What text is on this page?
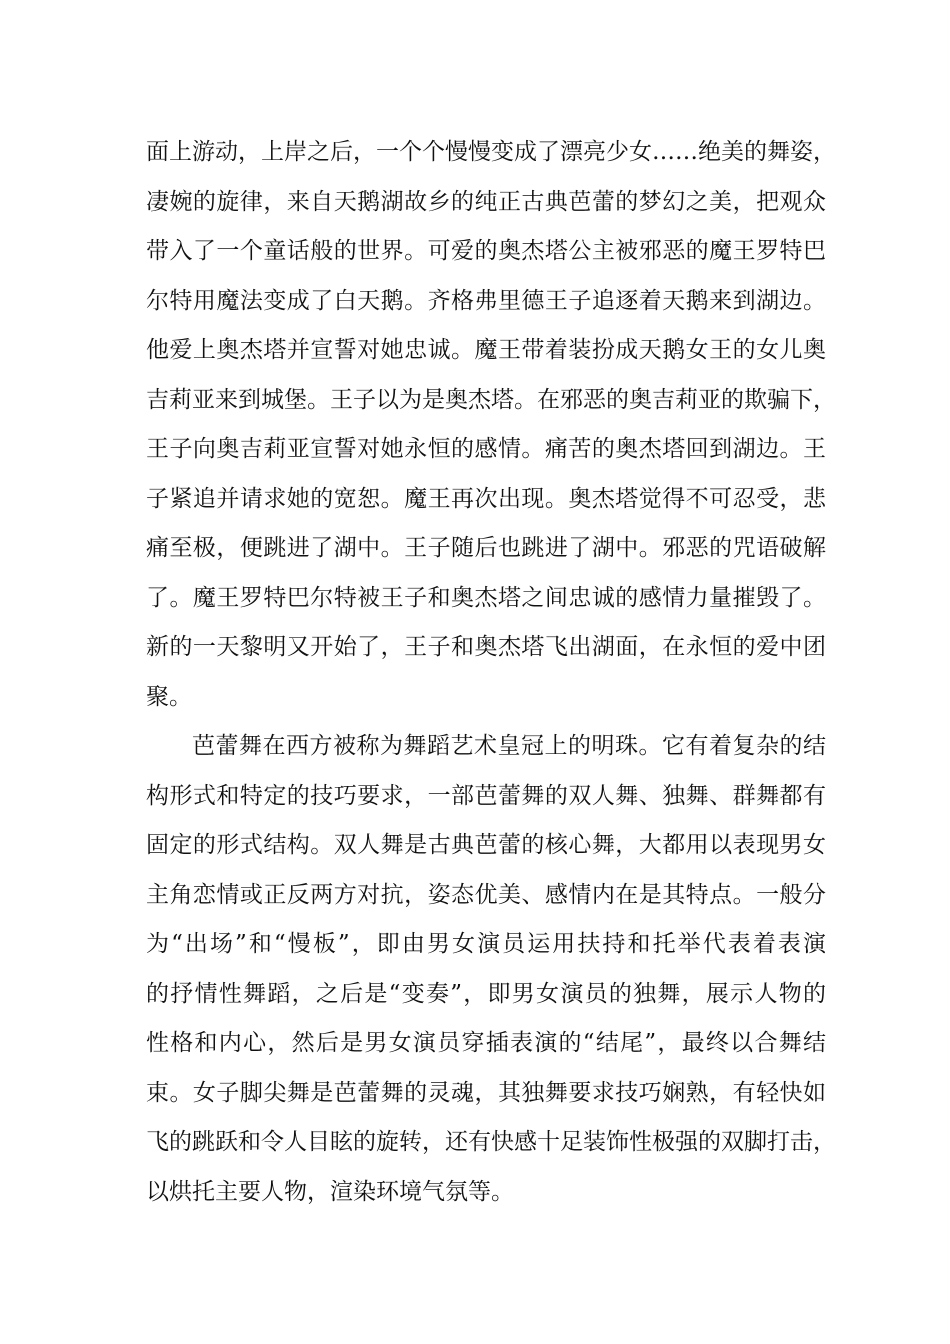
面上游动，上岸之后，一个个慢慢变成了漂亮少女……绝美的舞姿，
凄婉的旋律，来自天鹅湖故乡的纯正古典芭蕾的梦幻之美，把观众
带入了一个童话般的世界。可爱的奥杰塔公主被邪恶的魔王罗特巴
尔特用魔法变成了白天鹅。齐格弗里德王子追逐着天鹅来到湖边。
他爱上奥杰塔并宣誓对她忠诚。魔王带着装扮成天鹅女王的女儿奥
吉莉亚来到城堡。王子以为是奥杰塔。在邪恶的奥吉莉亚的欺骗下，
王子向奥吉莉亚宣誓对她永恒的感情。痛苦的奥杰塔回到湖边。王
子紧追并请求她的宽恕。魔王再次出现。奥杰塔觉得不可忍受，悲
痛至极，便跳进了湖中。王子随后也跳进了湖中。邪恶的咒语破解
了。魔王罗特巴尔特被王子和奥杰塔之间忠诚的感情力量摧毁了。
新的一天黎明又开始了，王子和奥杰塔飞出湖面，在永恒的爱中团
聚。
芭蕾舞在西方被称为舞蹈艺术皇冠上的明珠。它有着复杂的结
构形式和特定的技巧要求，一部芭蕾舞的双人舞、独舞、群舞都有
固定的形式结构。双人舞是古典芭蕾的核心舞，大都用以表现男女
主角恋情或正反两方对抗，姿态优美、感情内在是其特点。一般分
为“出场”和“慢板”，即由男女演员运用扶持和托举代表着表演
的抒情性舞蹈，之后是“变奏”，即男女演员的独舞，展示人物的
性格和内心，然后是男女演员穿插表演的“结尾”，最终以合舞结
束。女子脚尖舞是芭蕾舞的灵魂，其独舞要求技巧娴熟，有轻快如
飞的跳跃和令人目眩的旋转，还有快感十足装饰性极强的双脚打击，
以烘托主要人物，渲染环境气氛等。
